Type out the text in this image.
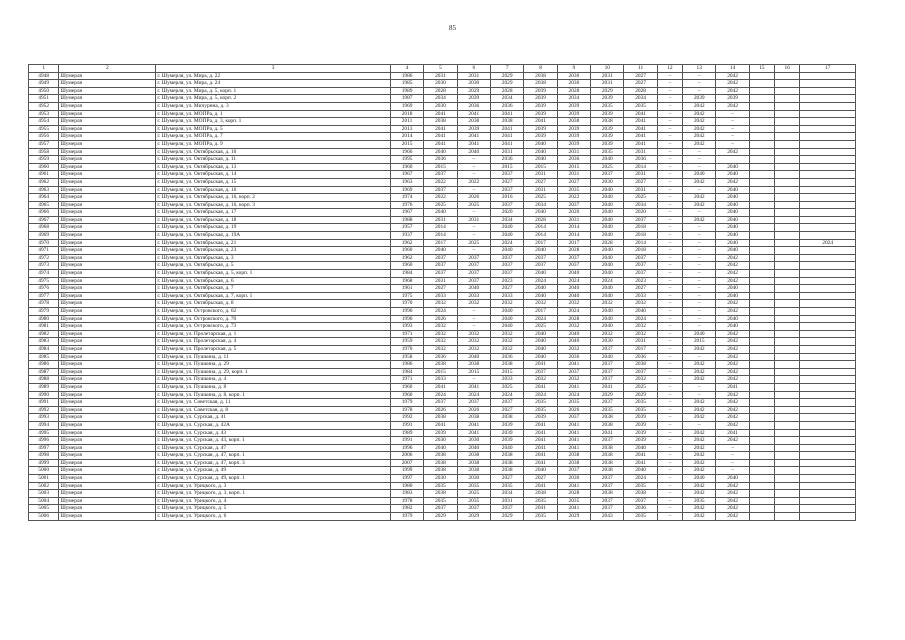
85
1	2	3	4	5	6	7	8	9	10	11	12	13	14	15	16	17
4948	Шумерля	г. Шумерля, ул. Мира, д. 22	1986	2031	2031	2029	2038	2030	2031	2027	–	–	2042			
4949	Шумерля	г. Шумерля, ул. Мира, д. 24	1985	2030	2030	2029	2038	2030	2031	2027	–	–	2042			
4950	Шумерля	г. Шумерля, ул. Мира, д. 5, корп. 1	1989	2028	2029	2028	2039	2028	2029	2028	–	–	2042			
4951	Шумерля	г. Шумерля, ул. Мира, д. 5, корп. 2	1987	2034	2039	2034	2039	2034	2039	2034	–	2039	2039			
4952	Шумерля	г. Шумерля, ул. Мичурина, д. 3	1969	2030	2036	2036	2039	2039	2035	2035	–	2042	2042			
4953	Шумерля	г. Шумерля, ул. МОПРа, д. 1	2018	2041	2041	2041	2039	2039	2039	2041	–	2042	–			
4954	Шумерля	г. Шумерля, ул. МОПРа, д. 3, корп. 1	2011	2038	2038	2038	2041	2038	2038	2041	–	2042	–			
4955	Шумерля	г. Шумерля, ул. МОПРа, д. 5	2013	2041	2039	2041	2039	2039	2039	2041	–	2042	–			
4956	Шумерля	г. Шумерля, ул. МОПРа, д. 7	2014	2041	2041	2041	2039	2039	2039	2041	–	2042	–			
4957	Шумерля	г. Шумерля, ул. МОПРа, д. 9	2015	2041	2041	2041	2040	2039	2039	2041	–	2042	–			
4958	Шумерля	г. Шумерля, ул. Октябрьская, д. 10	1966	2040	2040	2031	2040	2031	2035	2031	–	–	2042			
4959	Шумерля	г. Шумерля, ул. Октябрьская, д. 11	1995	2036	–	2036	2040	2036	2040	2036	–	–				
4960	Шумерля	г. Шумерля, ул. Октябрьская, д. 13	1960	2015	–	2015	2015	2015	2025	2014	–	–	2040			
4961	Шумерля	г. Шумерля, ул. Октябрьская, д. 14	1967	2037	–	2037	2031	2031	2037	2031	–	2040	2040			
4962	Шумерля	г. Шумерля, ул. Октябрьская, д. 15	1963	2022	2022	2027	2027	2027	2030	2027	–	2042	2042			
4963	Шумерля	г. Шумерля, ул. Октябрьская, д. 16	1969	2037	–	2037	2031	2035	2040	2031	–	–	2040			
4964	Шумерля	г. Шумерля, ул. Октябрьская, д. 16, корп. 2	1974	2022	2026	2016	2025	2022	2040	2025	–	2042	2040			
4965	Шумерля	г. Шумерля, ул. Октябрьская, д. 16, корп. 3	1976	2025	2025	2037	2034	2037	2040	2034	–	2042	2040			
4966	Шумерля	г. Шумерля, ул. Октябрьская, д. 17	1967	2040	–	2020	2040	2020	2040	2020	–	–	2040			
4967	Шумерля	г. Шумерля, ул. Октябрьская, д. 18	1988	2031	2031	2034	2028	2031	2040	2037	–	2042	2040			
4968	Шумерля	г. Шумерля, ул. Октябрьская, д. 19	1957	2014	–	2040	2014	2014	2040	2018	–	–	2040			
4969	Шумерля	г. Шумерля, ул. Октябрьская, д. 19А	1937	2014	–	2040	2014	2014	2040	2018	–	–	2040			
4970	Шумерля	г. Шумерля, ул. Октябрьская, д. 21	1962	2017	2025	2024	2017	2017	2028	2014	–	–	2040			2024
4971	Шумерля	г. Шумерля, ул. Октябрьская, д. 23	1960	2040	–	2040	2040	2028	2040	2018	–	–	2040			
4972	Шумерля	г. Шумерля, ул. Октябрьская, д. 3	1962	2037	2037	2037	2037	2037	2040	2037	–	–	2042			
4973	Шумерля	г. Шумерля, ул. Октябрьская, д. 5	1960	2037	2037	2037	2037	2037	2040	2037	–	–	2042			
4974	Шумерля	г. Шумерля, ул. Октябрьская, д. 5, корп. 1	1984	2037	2037	2037	2040	2040	2040	2037	–	–	2042			
4975	Шумерля	г. Шумерля, ул. Октябрьская, д. 6	1968	2031	2037	2023	2024	2024	2024	2023	–	–	2042			
4976	Шумерля	г. Шумерля, ул. Октябрьская, д. 7	1961	2027	2040	2027	2040	2040	2040	2027	–	–	2040			
4977	Шумерля	г. Шумерля, ул. Октябрьская, д. 7, корп. 1	1975	2033	2033	2033	2040	2040	2040	2033	–	–	2040			
4978	Шумерля	г. Шумерля, ул. Октябрьская, д. 8	1970	2032	2032	2032	2032	2032	2032	2032	–	–	2042			
4979	Шумерля	г. Шумерля, ул. Островского, д. 62	1990	2024	–	2040	2017	2024	2040	2040	–	–	2042			
4980	Шумерля	г. Шумерля, ул. Островского, д. 70	1990	2026	–	2040	2024	2028	2040	2024	–	–	2040			
4981	Шумерля	г. Шумерля, ул. Островского, д. 73	1993	2032	–	2040	2025	2032	2040	2032	–	–	2040			
4982	Шумерля	г. Шумерля, ул. Пролетарская, д. 1	1971	2032	2032	2032	2040	2040	2032	2032	–	2040	2042			
4983	Шумерля	г. Шумерля, ул. Пролетарская, д. 4	1959	2032	2032	2032	2040	2040	2030	2031	–	2015	2042			
4984	Шумерля	г. Шумерля, ул. Пролетарская, д. 5	1970	2032	2032	2032	2040	2032	2037	2017	–	2042	2042			
4985	Шумерля	г. Шумерля, ул. Пушкина, д. 11	1958	2036	2040	2036	2040	2036	2040	2036	–	–	2042			
4986	Шумерля	г. Шумерля, ул. Пушкина, д. 29	1986	2038	2038	2038	2041	2041	2037	2038	–	2042	2042			
4987	Шумерля	г. Шумерля, ул. Пушкина, д. 29, корп. 1	1984	2015	2015	2015	2037	2037	2037	2037	–	2042	2042			
4988	Шумерля	г. Шумерля, ул. Пушкина, д. 4	1971	2033	–	2033	2032	2032	2037	2032	–	2042	2042			
4989	Шумерля	г. Шумерля, ул. Пушкина, д. 8	1960	2041	2041	2025	2041	2041	2041	2025	–	–	2041			
4990	Шумерля	г. Шумерля, ул. Пушкина, д. 8, корп. 1	1960	2024	2024	2024	2024	2024	2029	2029	–	–	2042			
4991	Шумерля	г. Шумерля, ул. Советская, д. 11	1979	2037	2037	2037	2035	2035	2037	2035	–	2042	2042			
4992	Шумерля	г. Шумерля, ул. Советская, д. 8	1978	2026	2026	2027	2035	2026	2035	2035	–	2042	2042			
4993	Шумерля	г. Шумерля, ул. Сурская, д. 41	1992	2038	2038	2038	2039	2037	2038	2039	–	2042	2042			
4994	Шумерля	г. Шумерля, ул. Сурская, д. 42А	1991	2041	2041	2039	2041	2041	2038	2039	–	–	2042			
4995	Шумерля	г. Шумерля, ул. Сурская, д. 43	1989	2039	2041	2039	2041	2041	2041	2039	–	2042	2041			
4996	Шумерля	г. Шумерля, ул. Сурская, д. 43, корп. 1	1991	2030	2030	2039	2041	2041	2037	2039	–	2042	2042			
4997	Шумерля	г. Шумерля, ул. Сурская, д. 47	1996	2040	2040	2040	2041	2041	2038	2040	–	2042	–			
4998	Шумерля	г. Шумерля, ул. Сурская, д. 47, корп. 1	2006	2038	2038	2038	2041	2038	2038	2041	–	2042	–			
4999	Шумерля	г. Шумерля, ул. Сурская, д. 47, корп. 3	2007	2038	2038	2038	2041	2038	2038	2041	–	2042	–			
5000	Шумерля	г. Шумерля, ул. Сурская, д. 49	1999	2038	2038	2038	2040	2037	2038	2040	–	2042	–			
5001	Шумерля	г. Шумерля, ул. Сурская, д. 49, корп. 1	1997	2030	2030	2027	2027	2030	2037	2024	–	2040	2040			
5002	Шумерля	г. Шумерля, ул. Урицкого, д. 3	1980	2035	2035	2035	2041	2041	2037	2035	–	2042	2042			
5003	Шумерля	г. Шумерля, ул. Урицкого, д. 3, корп. 1	1983	2038	2025	2034	2038	2028	2038	2038	–	2042	2042			
5004	Шумерля	г. Шумерля, ул. Урицкого, д. 4	1978	2035	2035	2031	2035	2035	2037	2037	–	2035	2042			
5005	Шумерля	г. Шумерля, ул. Урицкого, д. 5	1982	2037	2037	2037	2041	2041	2037	2036	–	2042	2042			
5006	Шумерля	г. Шумерля, ул. Урицкого, д. 6	1979	2029	2029	2029	2035	2029	2043	2035	–	2042	2042			
